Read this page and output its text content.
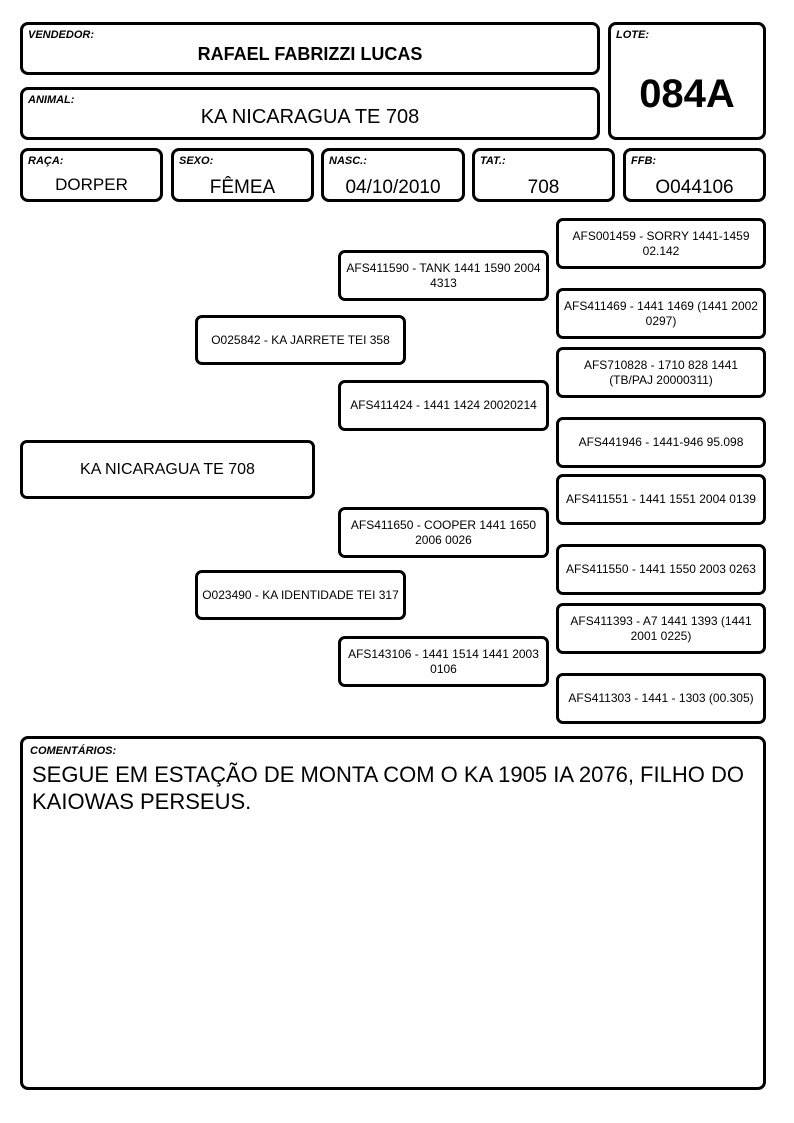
VENDEDOR:
RAFAEL FABRIZZI LUCAS
LOTE:
084A
ANIMAL:
KA NICARAGUA TE 708
RAÇA:
DORPER
SEXO:
FÊMEA
NASC.:
04/10/2010
TAT.:
708
FFB:
O044106
AFS001459 - SORRY 1441-1459 02.142
AFS411469 - 1441 1469 (1441 2002 0297)
AFS710828 - 1710 828 1441 (TB/PAJ 20000311)
AFS441946 - 1441-946 95.098
AFS411551 - 1441 1551 2004 0139
AFS411550 - 1441 1550 2003 0263
AFS411393 - A7 1441 1393 (1441 2001 0225)
AFS411303 - 1441 - 1303 (00.305)
AFS411590 - TANK 1441 1590 2004 4313
AFS411424 - 1441 1424 20020214
AFS411650 - COOPER 1441 1650 2006 0026
AFS143106 - 1441 1514 1441 2003 0106
O025842 - KA JARRETE TEI 358
O023490 - KA IDENTIDADE TEI 317
KA NICARAGUA TE 708
COMENTÁRIOS:
SEGUE EM ESTAÇÃO DE MONTA COM O KA 1905 IA 2076, FILHO DO KAIOWAS PERSEUS.
